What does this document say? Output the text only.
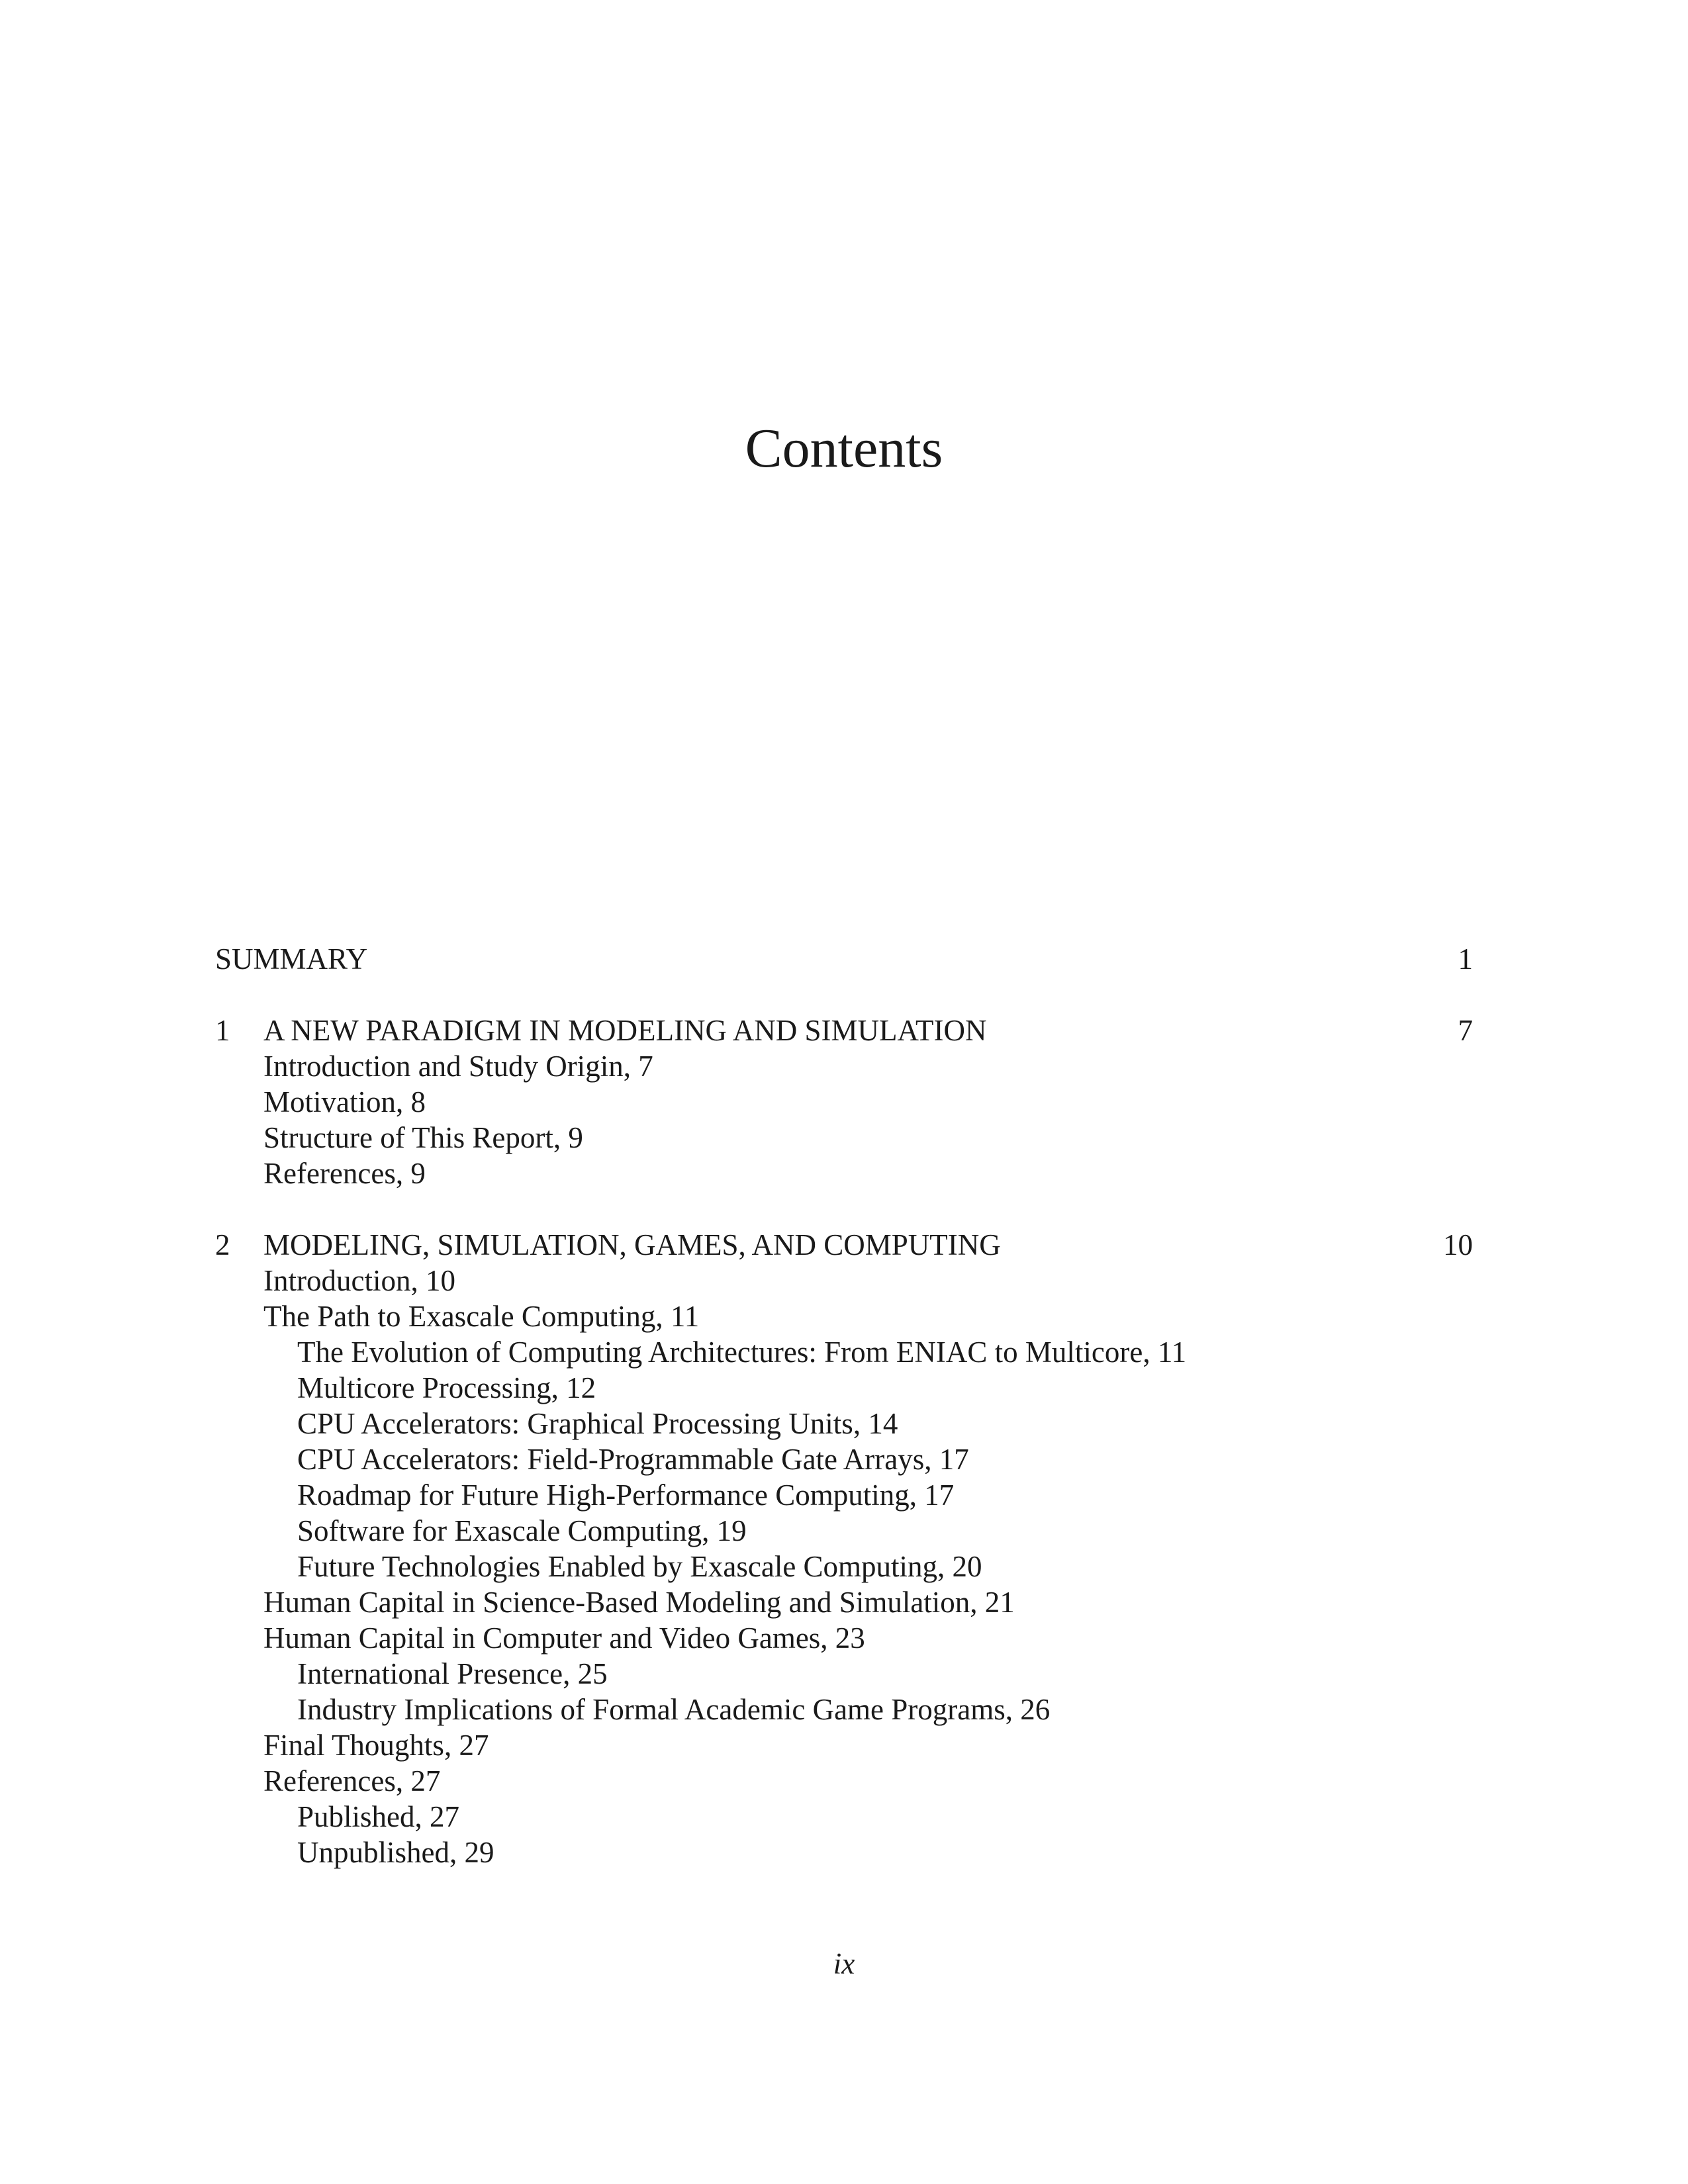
Contents
SUMMARY	1
1 A NEW PARADIGM IN MODELING AND SIMULATION	7
Introduction and Study Origin, 7
Motivation, 8
Structure of This Report, 9
References, 9
2 MODELING, SIMULATION, GAMES, AND COMPUTING	10
Introduction, 10
The Path to Exascale Computing, 11
The Evolution of Computing Architectures: From ENIAC to Multicore, 11
Multicore Processing, 12
CPU Accelerators: Graphical Processing Units, 14
CPU Accelerators: Field-Programmable Gate Arrays, 17
Roadmap for Future High-Performance Computing, 17
Software for Exascale Computing, 19
Future Technologies Enabled by Exascale Computing, 20
Human Capital in Science-Based Modeling and Simulation, 21
Human Capital in Computer and Video Games, 23
International Presence, 25
Industry Implications of Formal Academic Game Programs, 26
Final Thoughts, 27
References, 27
Published, 27
Unpublished, 29
ix
